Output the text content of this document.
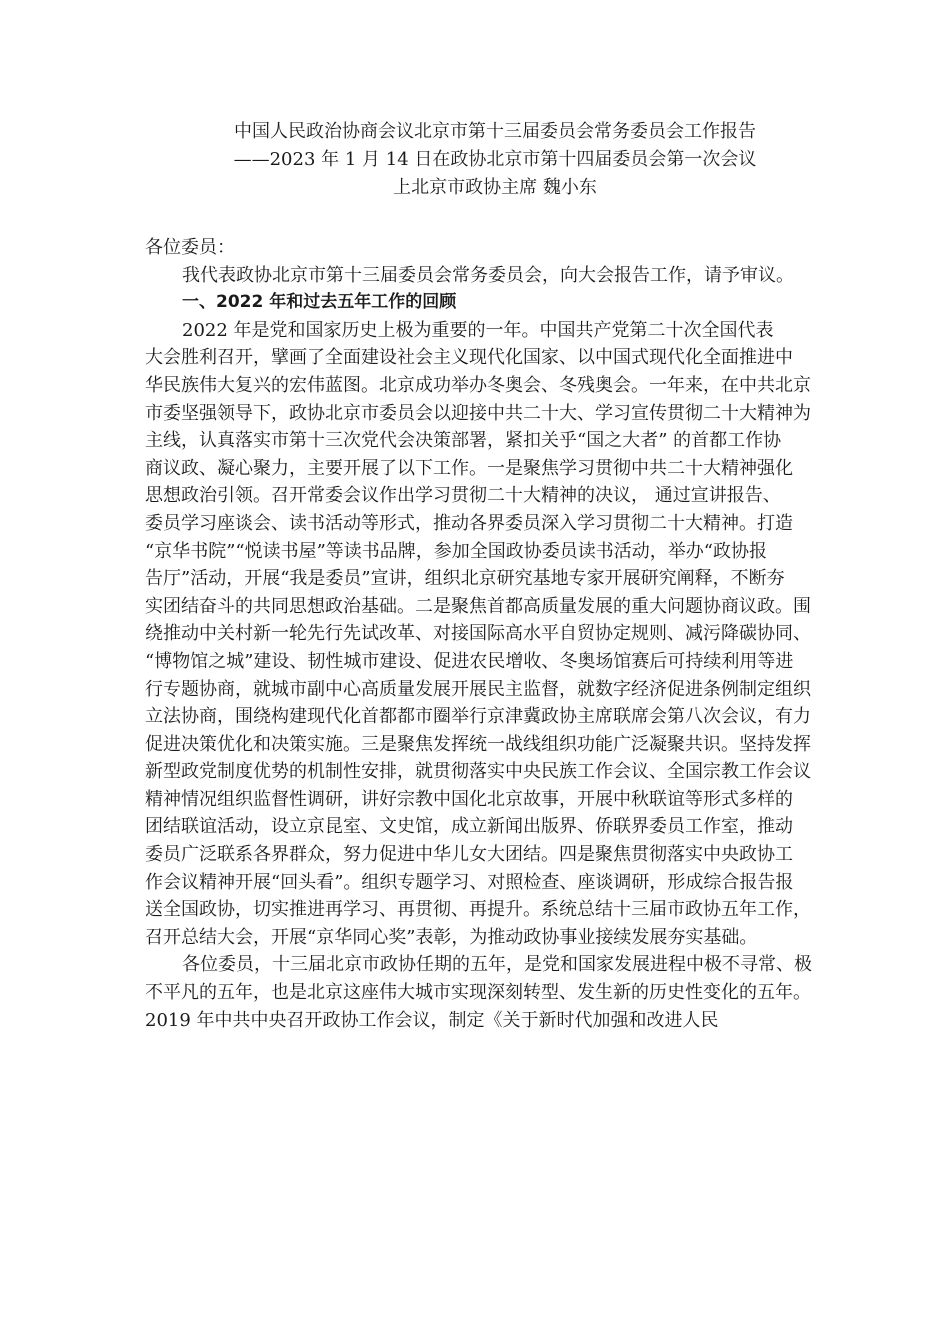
中国人民政治协商会议北京市第十三届委员会常务委员会工作报告
——2023 年 1 月 14 日在政协北京市第十四届委员会第一次会议
上北京市政协主席 魏小东
各位委员：
我代表政协北京市第十三届委员会常务委员会，向大会报告工作，请予审议。
一、2022 年和过去五年工作的回顾
2022 年是党和国家历史上极为重要的一年。中国共产党第二十次全国代表
大会胜利召开，擘画了全面建设社会主义现代化国家、以中国式现代化全面推进中
华民族伟大复兴的宏伟蓝图。北京成功举办冬奥会、冬残奥会。一年来，在中共北京
市委坚强领导下，政协北京市委员会以迎接中共二十大、学习宣传贯彻二十大精神为
主线，认真落实市第十三次党代会决策部署，紧扣关乎“国之大者” 的首都工作协
商议政、凝心聚力，主要开展了以下工作。一是聚焦学习贯彻中共二十大精神强化
思想政治引领。召开常委会议作出学习贯彻二十大精神的决议， 通过宣讲报告、
委员学习座谈会、读书活动等形式，推动各界委员深入学习贯彻二十大精神。打造
“京华书院”“悦读书屋”等读书品牌，参加全国政协委员读书活动，举办“政协报
告厅”活动，开展“我是委员”宣讲，组织北京研究基地专家开展研究阐释，不断夯
实团结奋斗的共同思想政治基础。二是聚焦首都高质量发展的重大问题协商议政。围
绕推动中关村新一轮先行先试改革、对接国际高水平自贸协定规则、减污降碳协同、
“博物馆之城”建设、韧性城市建设、促进农民增收、冬奥场馆赛后可持续利用等进
行专题协商，就城市副中心高质量发展开展民主监督，就数字经济促进条例制定组织
立法协商，围绕构建现代化首都都市圈举行京津冀政协主席联席会第八次会议，有力
促进决策优化和决策实施。三是聚焦发挥统一战线组织功能广泛凝聚共识。坚持发挥
新型政党制度优势的机制性安排，就贯彻落实中央民族工作会议、全国宗教工作会议
精神情况组织监督性调研，讲好宗教中国化北京故事，开展中秋联谊等形式多样的
团结联谊活动，设立京昆室、文史馆，成立新闻出版界、侨联界委员工作室，推动
委员广泛联系各界群众，努力促进中华儿女大团结。四是聚焦贯彻落实中央政协工
作会议精神开展“回头看”。组织专题学习、对照检查、座谈调研，形成综合报告报
送全国政协，切实推进再学习、再贯彻、再提升。系统总结十三届市政协五年工作，
召开总结大会，开展“京华同心奖”表彰，为推动政协事业接续发展夯实基础。
各位委员，十三届北京市政协任期的五年，是党和国家发展进程中极不寻常、极
不平凡的五年，也是北京这座伟大城市实现深刻转型、发生新的历史性变化的五年。
2019 年中共中央召开政协工作会议，制定《关于新时代加强和改进人民
